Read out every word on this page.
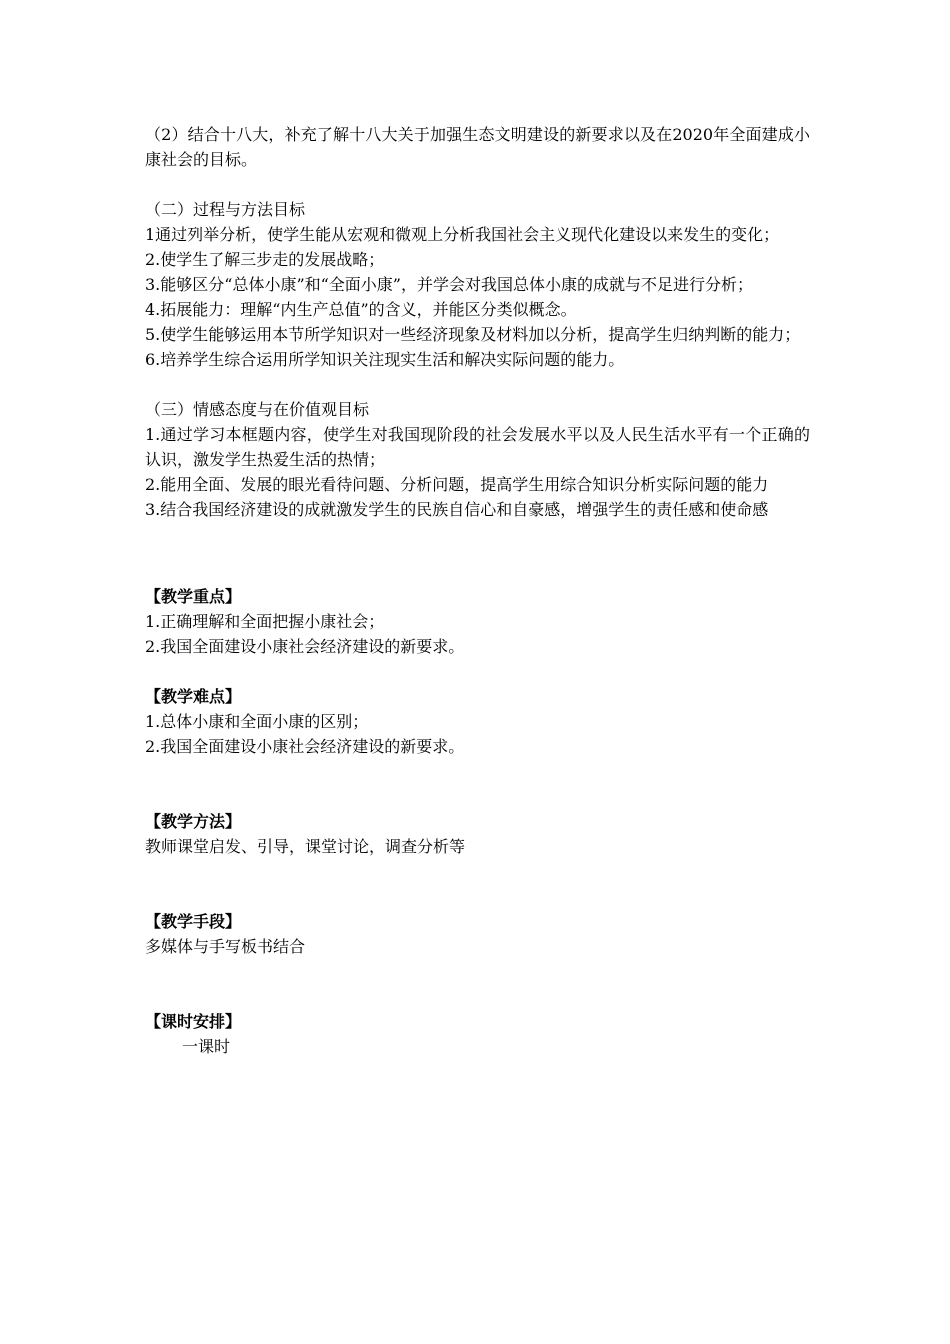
（2）结合十八大，补充了解十八大关于加强生态文明建设的新要求以及在2020年全面建成小康社会的目标。

（二）过程与方法目标

1通过列举分析，使学生能从宏观和微观上分析我国社会主义现代化建设以来发生的变化；

2.使学生了解三步走的发展战略；

3.能够区分“总体小康”和“全面小康”，并学会对我国总体小康的成就与不足进行分析；

4.拓展能力：理解“内生产总值”的含义，并能区分类似概念。

5.使学生能够运用本节所学知识对一些经济现象及材料加以分析，提高学生归纳判断的能力；

6.培养学生综合运用所学知识关注现实生活和解决实际问题的能力。

（三）情感态度与在价值观目标

1.通过学习本框题内容，使学生对我国现阶段的社会发展水平以及人民生活水平有一个正确的认识，激发学生热爱生活的热情；

2.能用全面、发展的眼光看待问题、分析问题，提高学生用综合知识分析实际问题的能力

3.结合我国经济建设的成就激发学生的民族自信心和自豪感，增强学生的责任感和使命感

【教学重点】

1.正确理解和全面把握小康社会；

2.我国全面建设小康社会经济建设的新要求。

【教学难点】

1.总体小康和全面小康的区别；

2.我国全面建设小康社会经济建设的新要求。

【教学方法】

教师课堂启发、引导，课堂讨论，调查分析等

【教学手段】

多媒体与手写板书结合

【课时安排】

一课时
